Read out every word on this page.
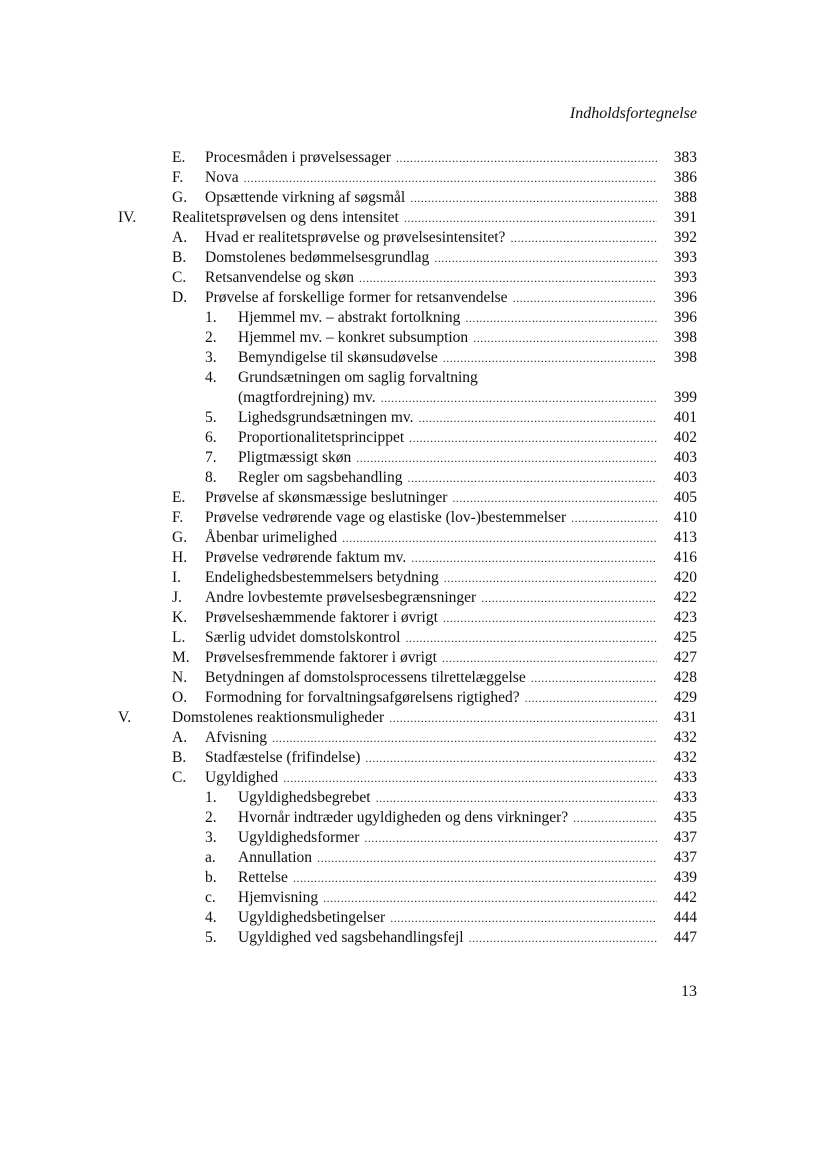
Indholdsfortegnelse
E. Procesmåden i prøvelsessager .....	383
F. Nova .....	386
G. Opsættende virkning af søgsmål .....	388
IV. Realitetsprøvelsen og dens intensitet .....	391
A. Hvad er realitetsprøvelse og prøvelsesintensitet? .....	392
B. Domstolenes bedømmelsesgrundlag .....	393
C. Retsanvendelse og skøn .....	393
D. Prøvelse af forskellige former for retsanvendelse .....	396
1. Hjemmel mv. – abstrakt fortolkning .....	396
2. Hjemmel mv. – konkret subsumption .....	398
3. Bemyndigelse til skønsudøvelse .....	398
4. Grundsætningen om saglig forvaltning
(magtfordrejning) mv. .....	399
5. Lighedsgrundsætningen mv. .....	401
6. Proportionalitetsprincippet .....	402
7. Pligtmæssigt skøn .....	403
8. Regler om sagsbehandling .....	403
E. Prøvelse af skønsmæssige beslutninger .....	405
F. Prøvelse vedrørende vage og elastiske (lov-)bestemmelser .....	410
G. Åbenbar urimelighed .....	413
H. Prøvelse vedrørende faktum mv. .....	416
I. Endelighedsbestemmelsers betydning .....	420
J. Andre lovbestemte prøvelsesbegrænsninger .....	422
K. Prøvelseshæmmende faktorer i øvrigt .....	423
L. Særlig udvidet domstolskontrol .....	425
M. Prøvelsesfremmende faktorer i øvrigt .....	427
N. Betydningen af domstolsprocessens tilrettelæggelse .....	428
O. Formodning for forvaltningsafgørelsens rigtighed? .....	429
V.	Domstolenes reaktionsmuligheder .....	431
A. Afvisning .....	432
B. Stadfæstelse (frifindelse) .....	432
C. Ugyldighed .....	433
1. Ugyldighedsbegrebet .....	433
2. Hvornår indtræder ugyldigheden og dens virkninger? .....	435
3. Ugyldighedsformer .....	437
a. Annullation .....	437
b. Rettelse .....	439
c. Hjemvisning .....	442
4. Ugyldighedsbetingelser .....	444
5. Ugyldighed ved sagsbehandlingsfejl .....	447
13
